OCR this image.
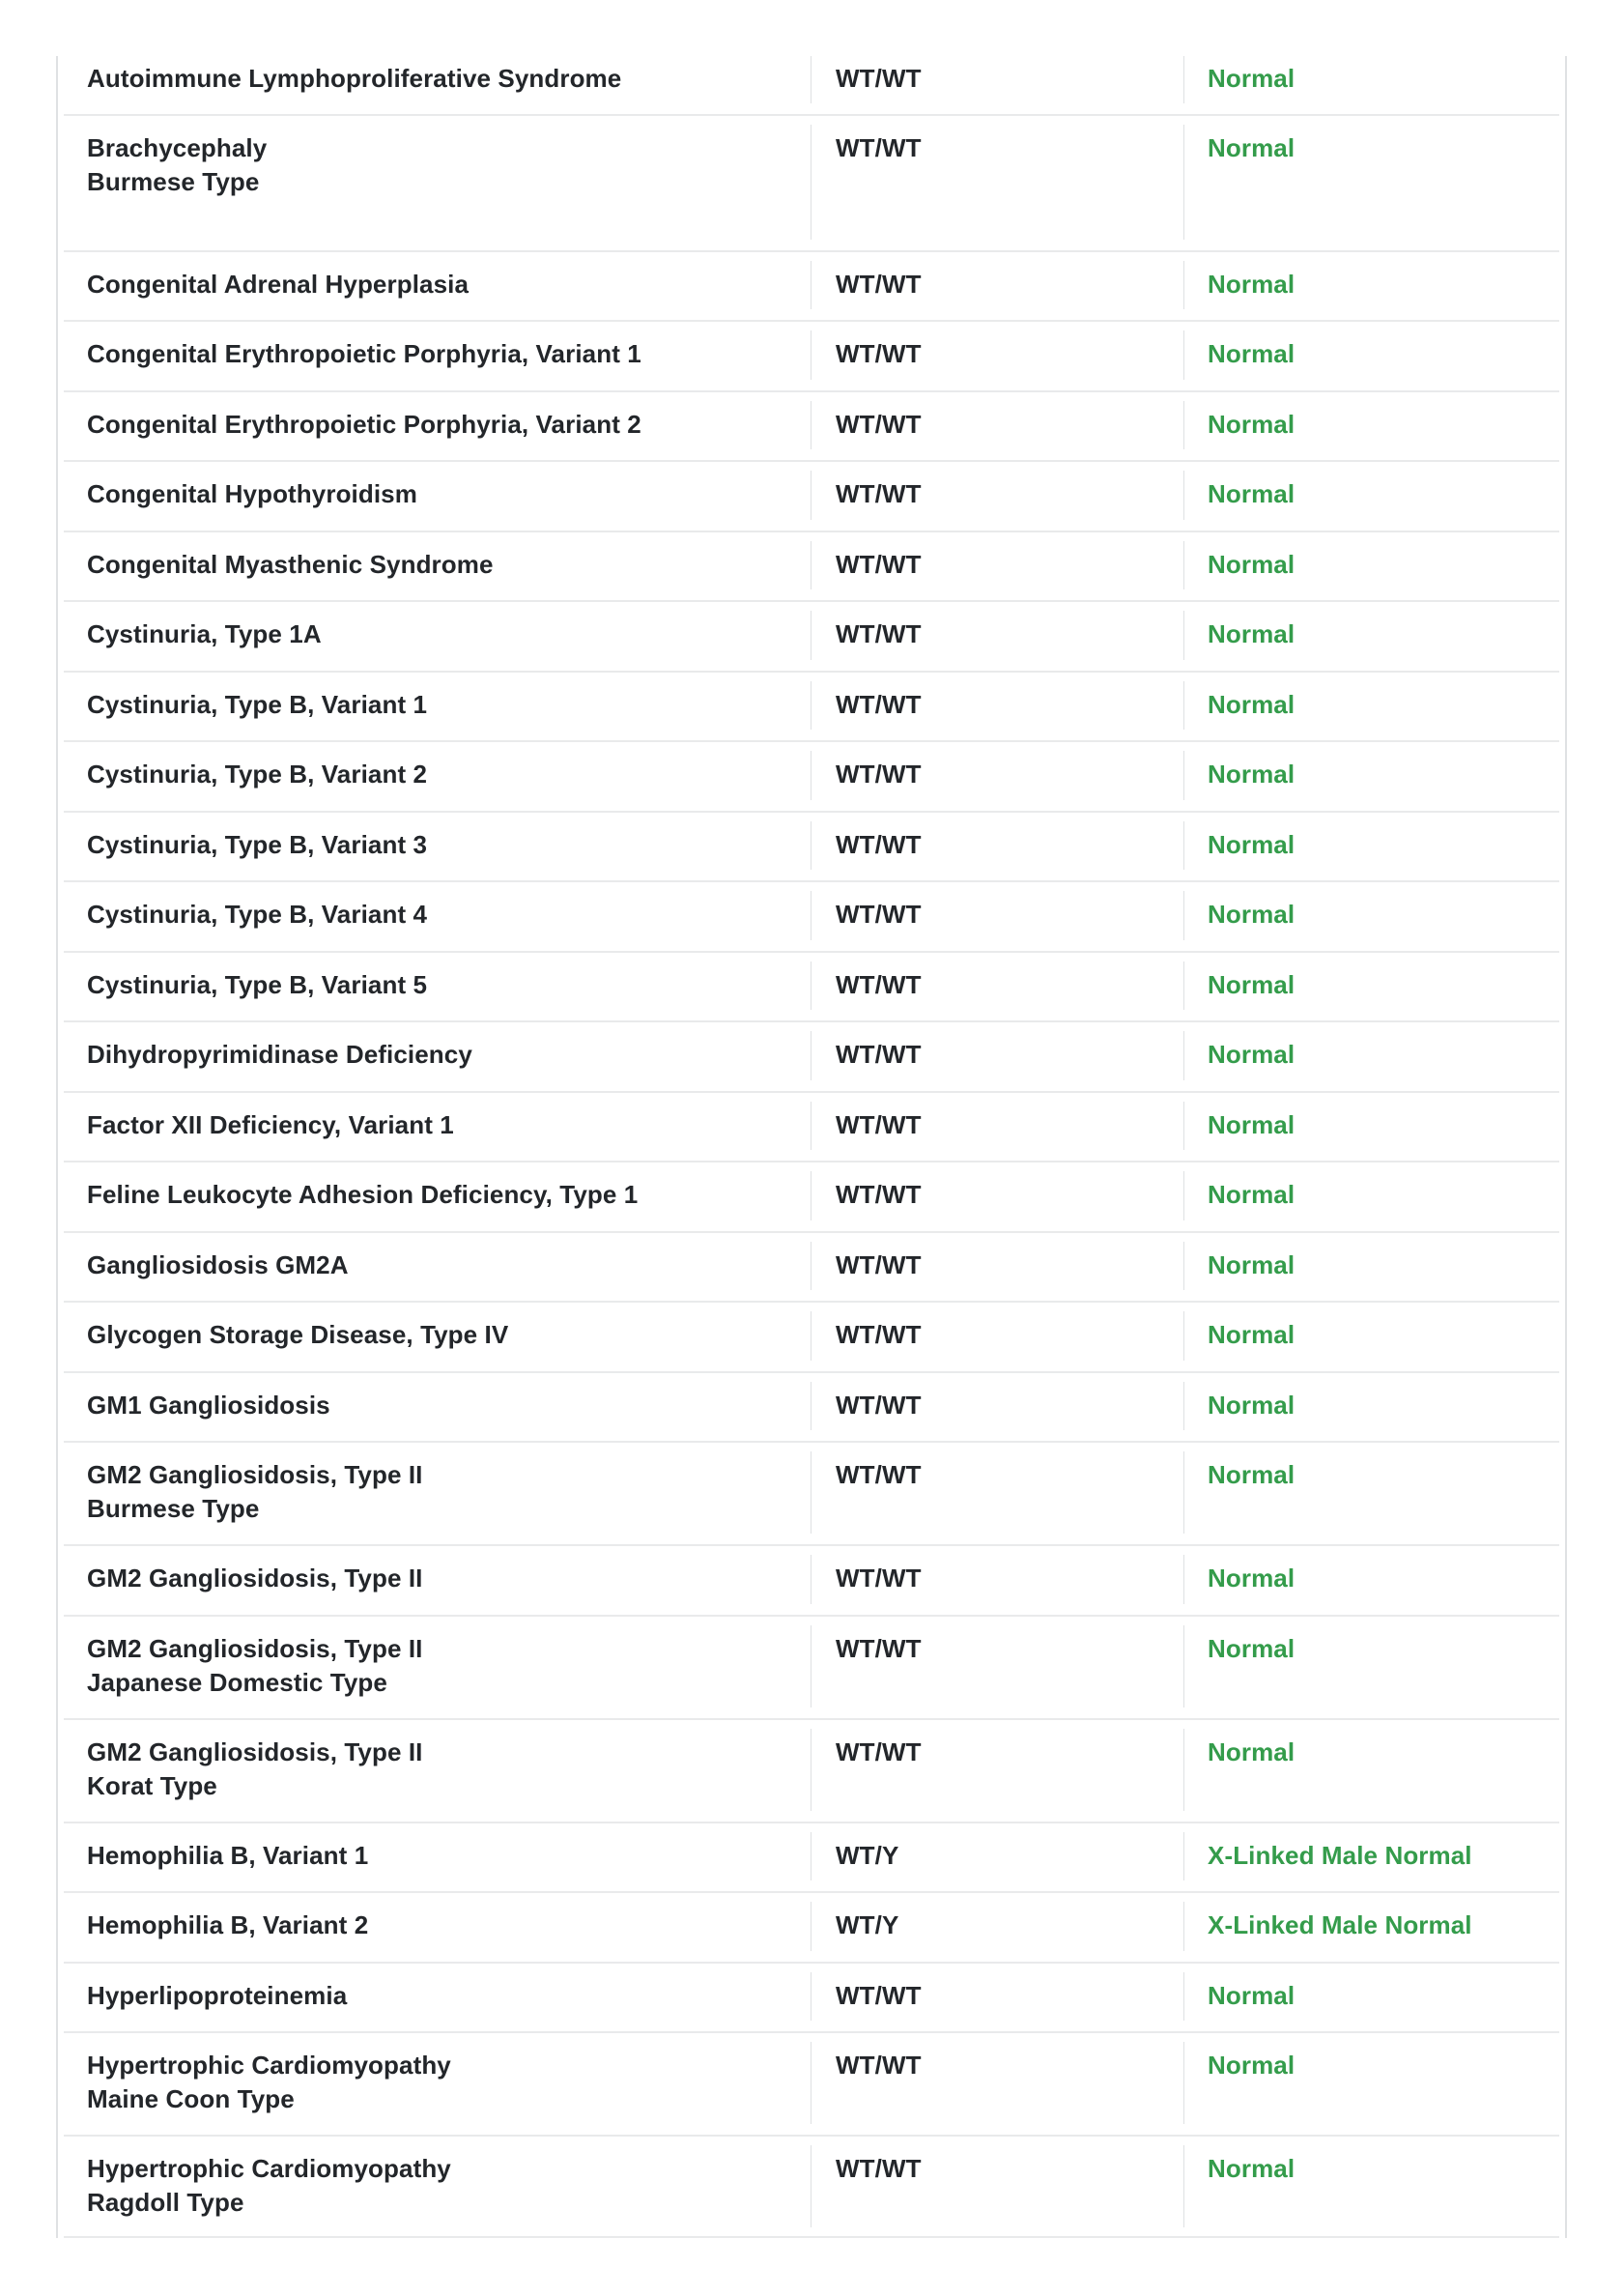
Autoimmune Lymphoproliferative Syndrome	WT/WT	Normal
Brachycephaly
Burmese Type
WT/WT	Normal
Congenital Adrenal Hyperplasia	WT/WT	Normal
Congenital Erythropoietic Porphyria, Variant 1	WT/WT	Normal
Congenital Erythropoietic Porphyria, Variant 2	WT/WT	Normal
Congenital Hypothyroidism	WT/WT	Normal
Congenital Myasthenic Syndrome	WT/WT	Normal
Cystinuria, Type 1A	WT/WT	Normal
Cystinuria, Type B, Variant 1	WT/WT	Normal
Cystinuria, Type B, Variant 2	WT/WT	Normal
Cystinuria, Type B, Variant 3	WT/WT	Normal
Cystinuria, Type B, Variant 4	WT/WT	Normal
Cystinuria, Type B, Variant 5	WT/WT	Normal
Dihydropyrimidinase Deficiency	WT/WT	Normal
Factor XII Deficiency, Variant 1	WT/WT	Normal
Feline Leukocyte Adhesion Deficiency, Type 1	WT/WT	Normal
Gangliosidosis GM2A	WT/WT	Normal
Glycogen Storage Disease, Type IV	WT/WT	Normal
GM1 Gangliosidosis	WT/WT	Normal
GM2 Gangliosidosis, Type II
Burmese Type
WT/WT	Normal
GM2 Gangliosidosis, Type II	WT/WT	Normal
GM2 Gangliosidosis, Type II
Japanese Domestic Type
WT/WT	Normal
GM2 Gangliosidosis, Type II
Korat Type
WT/WT	Normal
Hemophilia B, Variant 1	WT/Y	X-Linked Male Normal
Hemophilia B, Variant 2	WT/Y	X-Linked Male Normal
Hyperlipoproteinemia	WT/WT	Normal
Hypertrophic Cardiomyopathy
Maine Coon Type
WT/WT	Normal
Hypertrophic Cardiomyopathy
Ragdoll Type
WT/WT	Normal
